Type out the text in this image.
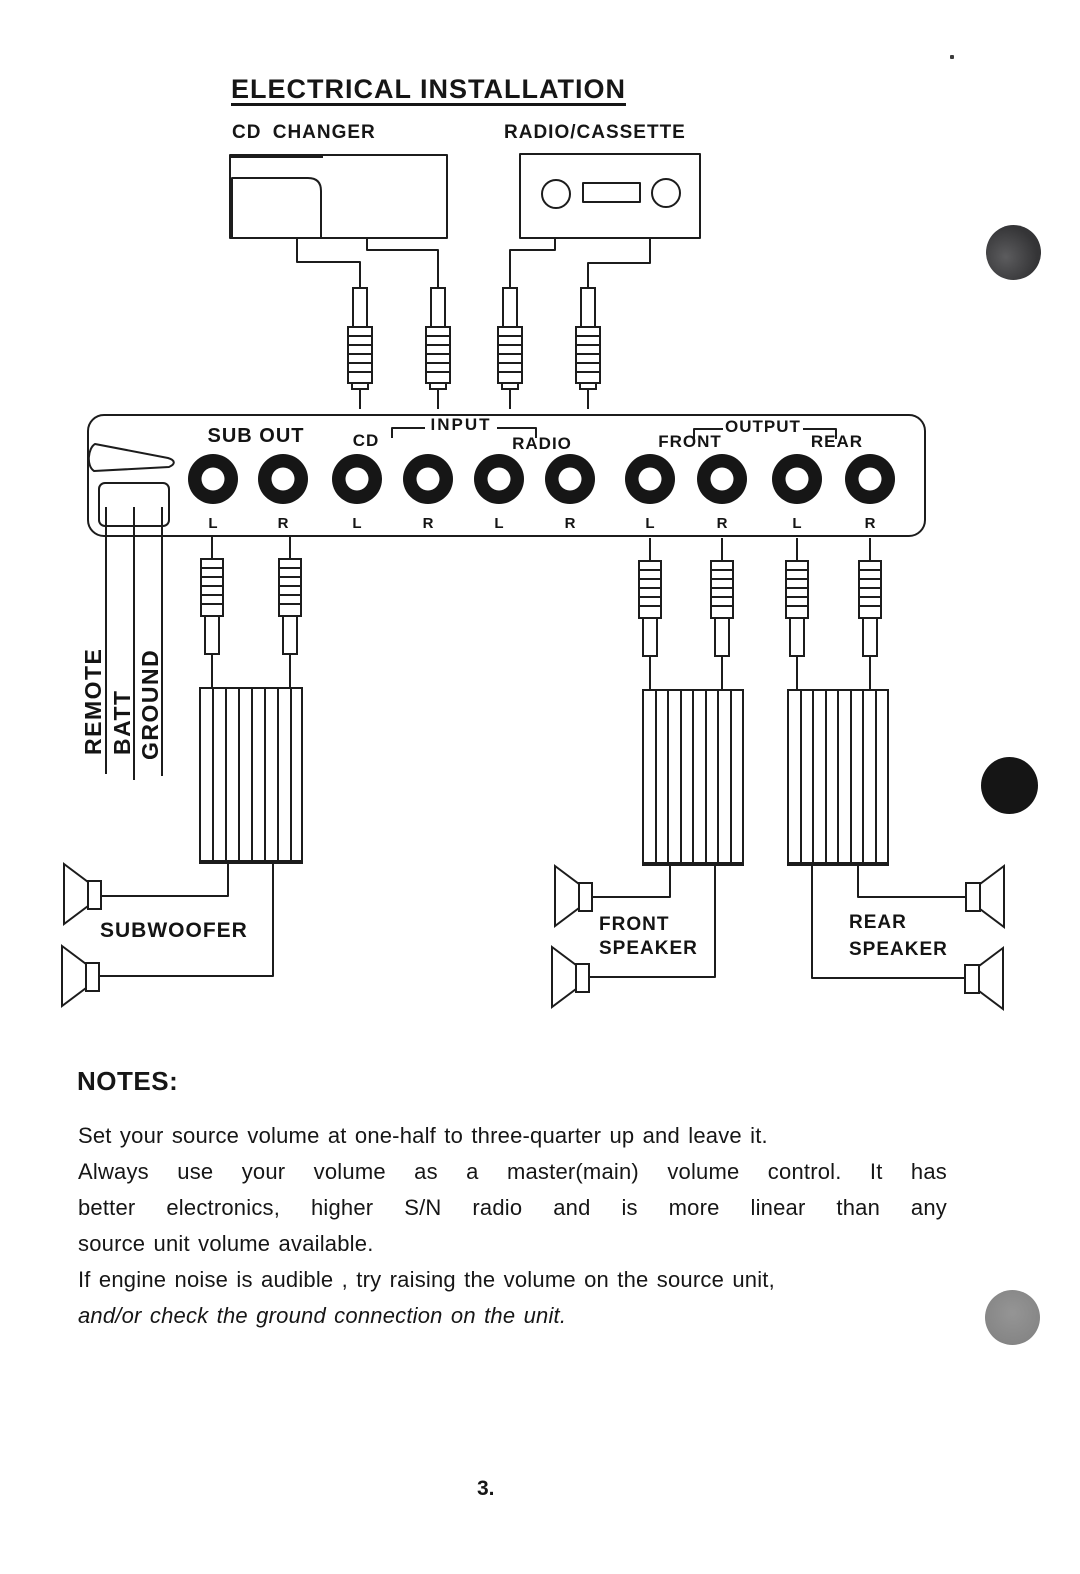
ELECTRICAL INSTALLATION
CD CHANGER	RADIO/CASSETTE
SUB OUT
INPUT
CD	RADIO
OUTPUT
FRONT	REAR
L	R	L	R	L	R	L	R	L	R
REMOTE BATT GROUND
SUBWOOFER	FRONT
SPEAKER
REAR
SPEAKER
NOTES:
Set your source volume at one-half to three-quarter up and leave it.
Always use your volume as a master(main) volume control. It has
better electronics, higher S/N radio and is more linear than any
source unit volume available.
If engine noise is audible , try raising the volume on the source unit,
and/or check the ground connection on the unit.
3.
